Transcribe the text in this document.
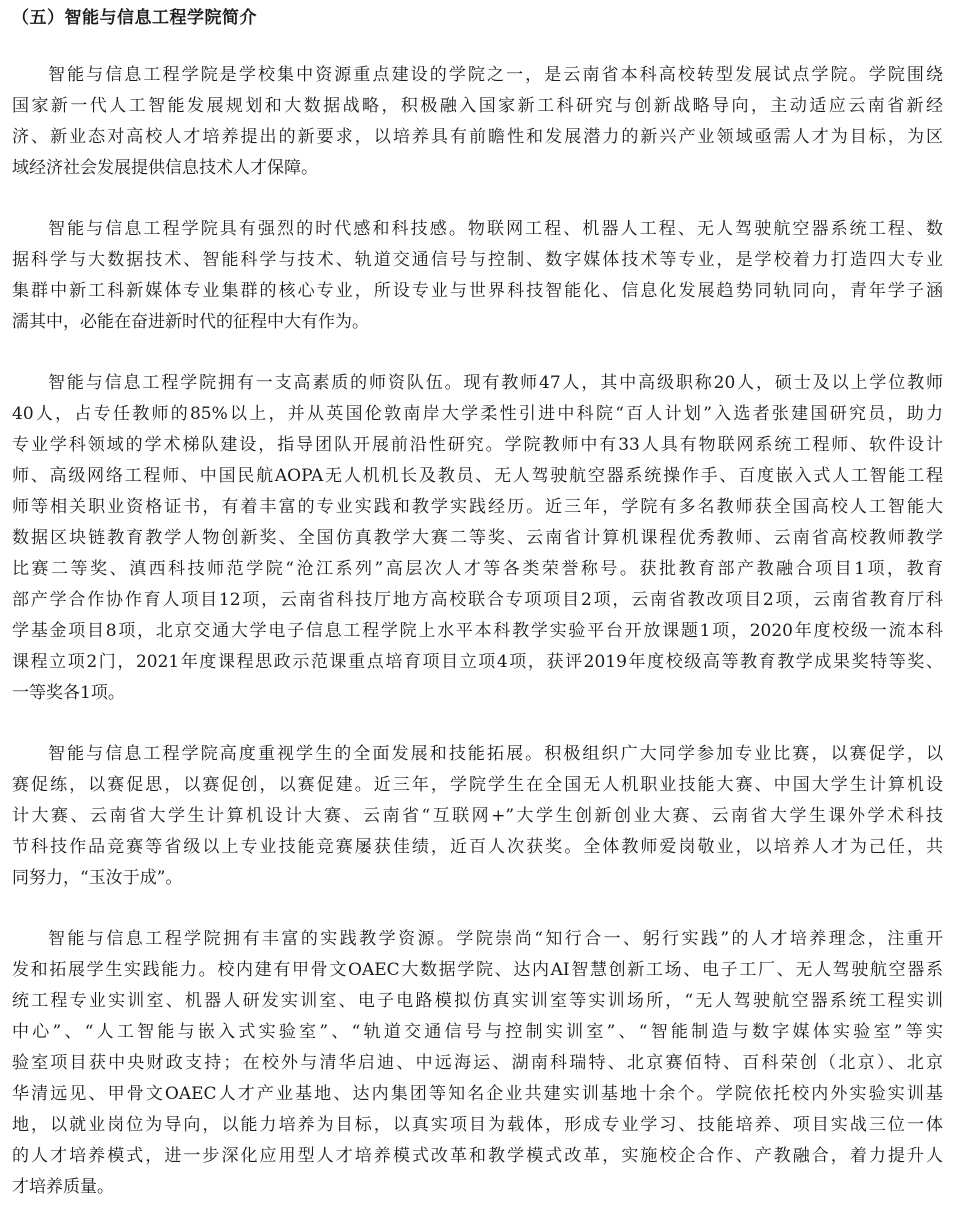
（五）智能与信息工程学院简介
智能与信息工程学院是学校集中资源重点建设的学院之一，是云南省本科高校转型发展试点学院。学院围绕
国家新一代人工智能发展规划和大数据战略，积极融入国家新工科研究与创新战略导向，主动适应云南省新经
济、新业态对高校人才培养提出的新要求，以培养具有前瞻性和发展潜力的新兴产业领域亟需人才为目标，为区
域经济社会发展提供信息技术人才保障。
智能与信息工程学院具有强烈的时代感和科技感。物联网工程、机器人工程、无人驾驶航空器系统工程、数
据科学与大数据技术、智能科学与技术、轨道交通信号与控制、数字媒体技术等专业，是学校着力打造四大专业
集群中新工科新媒体专业集群的核心专业，所设专业与世界科技智能化、信息化发展趋势同轨同向，青年学子涵
濡其中，必能在奋进新时代的征程中大有作为。
智能与信息工程学院拥有一支高素质的师资队伍。现有教师47人，其中高级职称20人，硕士及以上学位教师
40人，占专任教师的85%以上，并从英国伦敦南岸大学柔性引进中科院“百人计划”入选者张建国研究员，助力
专业学科领域的学术梯队建设，指导团队开展前沿性研究。学院教师中有33人具有物联网系统工程师、软件设计
师、高级网络工程师、中国民航AOPA无人机机长及教员、无人驾驶航空器系统操作手、百度嵌入式人工智能工程
师等相关职业资格证书，有着丰富的专业实践和教学实践经历。近三年，学院有多名教师获全国高校人工智能大
数据区块链教育教学人物创新奖、全国仿真教学大赛二等奖、云南省计算机课程优秀教师、云南省高校教师教学
比赛二等奖、滇西科技师范学院“沧江系列”高层次人才等各类荣誉称号。获批教育部产教融合项目1项，教育
部产学合作协作育人项目12项，云南省科技厅地方高校联合专项项目2项，云南省教改项目2项，云南省教育厅科
学基金项目8项，北京交通大学电子信息工程学院上水平本科教学实验平台开放课题1项，2020年度校级一流本科
课程立项2门，2021年度课程思政示范课重点培育项目立项4项，获评2019年度校级高等教育教学成果奖特等奖、
一等奖各1项。
智能与信息工程学院高度重视学生的全面发展和技能拓展。积极组织广大同学参加专业比赛，以赛促学，以
赛促练，以赛促思，以赛促创，以赛促建。近三年，学院学生在全国无人机职业技能大赛、中国大学生计算机设
计大赛、云南省大学生计算机设计大赛、云南省“互联网+”大学生创新创业大赛、云南省大学生课外学术科技
节科技作品竞赛等省级以上专业技能竞赛屡获佳绩，近百人次获奖。全体教师爱岗敬业，以培养人才为己任，共
同努力，“玉汝于成”。
智能与信息工程学院拥有丰富的实践教学资源。学院崇尚“知行合一、躬行实践”的人才培养理念，注重开
发和拓展学生实践能力。校内建有甲骨文OAEC大数据学院、达内AI智慧创新工场、电子工厂、无人驾驶航空器系
统工程专业实训室、机器人研发实训室、电子电路模拟仿真实训室等实训场所，“无人驾驶航空器系统工程实训
中心”、“人工智能与嵌入式实验室”、“轨道交通信号与控制实训室”、“智能制造与数字媒体实验室”等实
验室项目获中央财政支持；在校外与清华启迪、中远海运、湖南科瑞特、北京赛佰特、百科荣创（北京）、北京
华清远见、甲骨文OAEC人才产业基地、达内集团等知名企业共建实训基地十余个。学院依托校内外实验实训基
地，以就业岗位为导向，以能力培养为目标，以真实项目为载体，形成专业学习、技能培养、项目实战三位一体
的人才培养模式，进一步深化应用型人才培养模式改革和教学模式改革，实施校企合作、产教融合，着力提升人
才培养质量。
